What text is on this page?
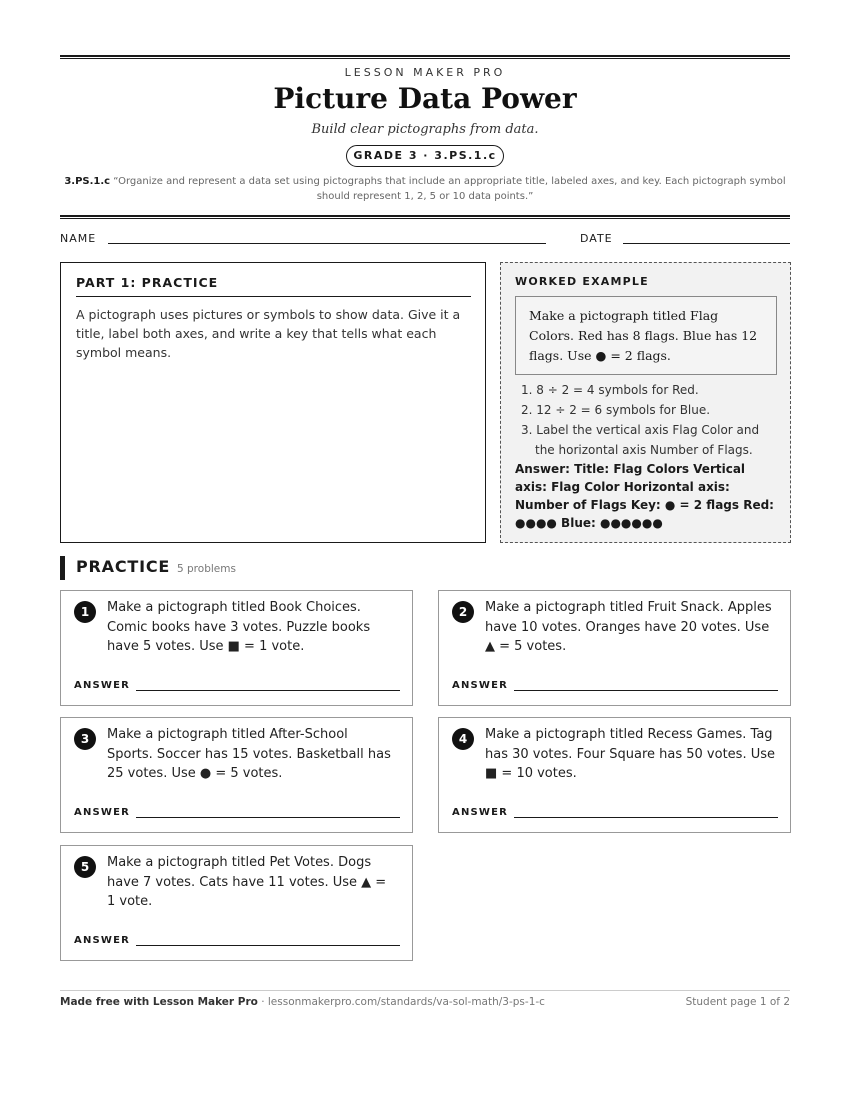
LESSON MAKER PRO
Picture Data Power
Build clear pictographs from data.
GRADE 3 · 3.PS.1.c
3.PS.1.c “Organize and represent a data set using pictographs that include an appropriate title, labeled axes, and key. Each pictograph symbol should represent 1, 2, 5 or 10 data points.”
NAME	DATE
PART 1: PRACTICE
A pictograph uses pictures or symbols to show data. Give it a title, label both axes, and write a key that tells what each symbol means.
WORKED EXAMPLE
Make a pictograph titled Flag Colors. Red has 8 flags. Blue has 12 flags. Use ● = 2 flags.
1. 8 ÷ 2 = 4 symbols for Red.
2. 12 ÷ 2 = 6 symbols for Blue.
3. Label the vertical axis Flag Color and the horizontal axis Number of Flags.
Answer: Title: Flag Colors Vertical axis: Flag Color Horizontal axis: Number of Flags Key: ● = 2 flags Red: ●●●● Blue: ●●●●●●
PRACTICE 5 problems
1	Make a pictograph titled Book Choices. Comic books have 3 votes. Puzzle books have 5 votes. Use ■ = 1 vote.
ANSWER
2	Make a pictograph titled Fruit Snack. Apples have 10 votes. Oranges have 20 votes. Use ▲ = 5 votes.
ANSWER
3	Make a pictograph titled After-School Sports. Soccer has 15 votes. Basketball has 25 votes. Use ● = 5 votes.
ANSWER
4	Make a pictograph titled Recess Games. Tag has 30 votes. Four Square has 50 votes. Use ■ = 10 votes.
ANSWER
5	Make a pictograph titled Pet Votes. Dogs have 7 votes. Cats have 11 votes. Use ▲ = 1 vote.
ANSWER
Made free with Lesson Maker Pro · lessonmakerpro.com/standards/va-sol-math/3-ps-1-c	Student page 1 of 2
